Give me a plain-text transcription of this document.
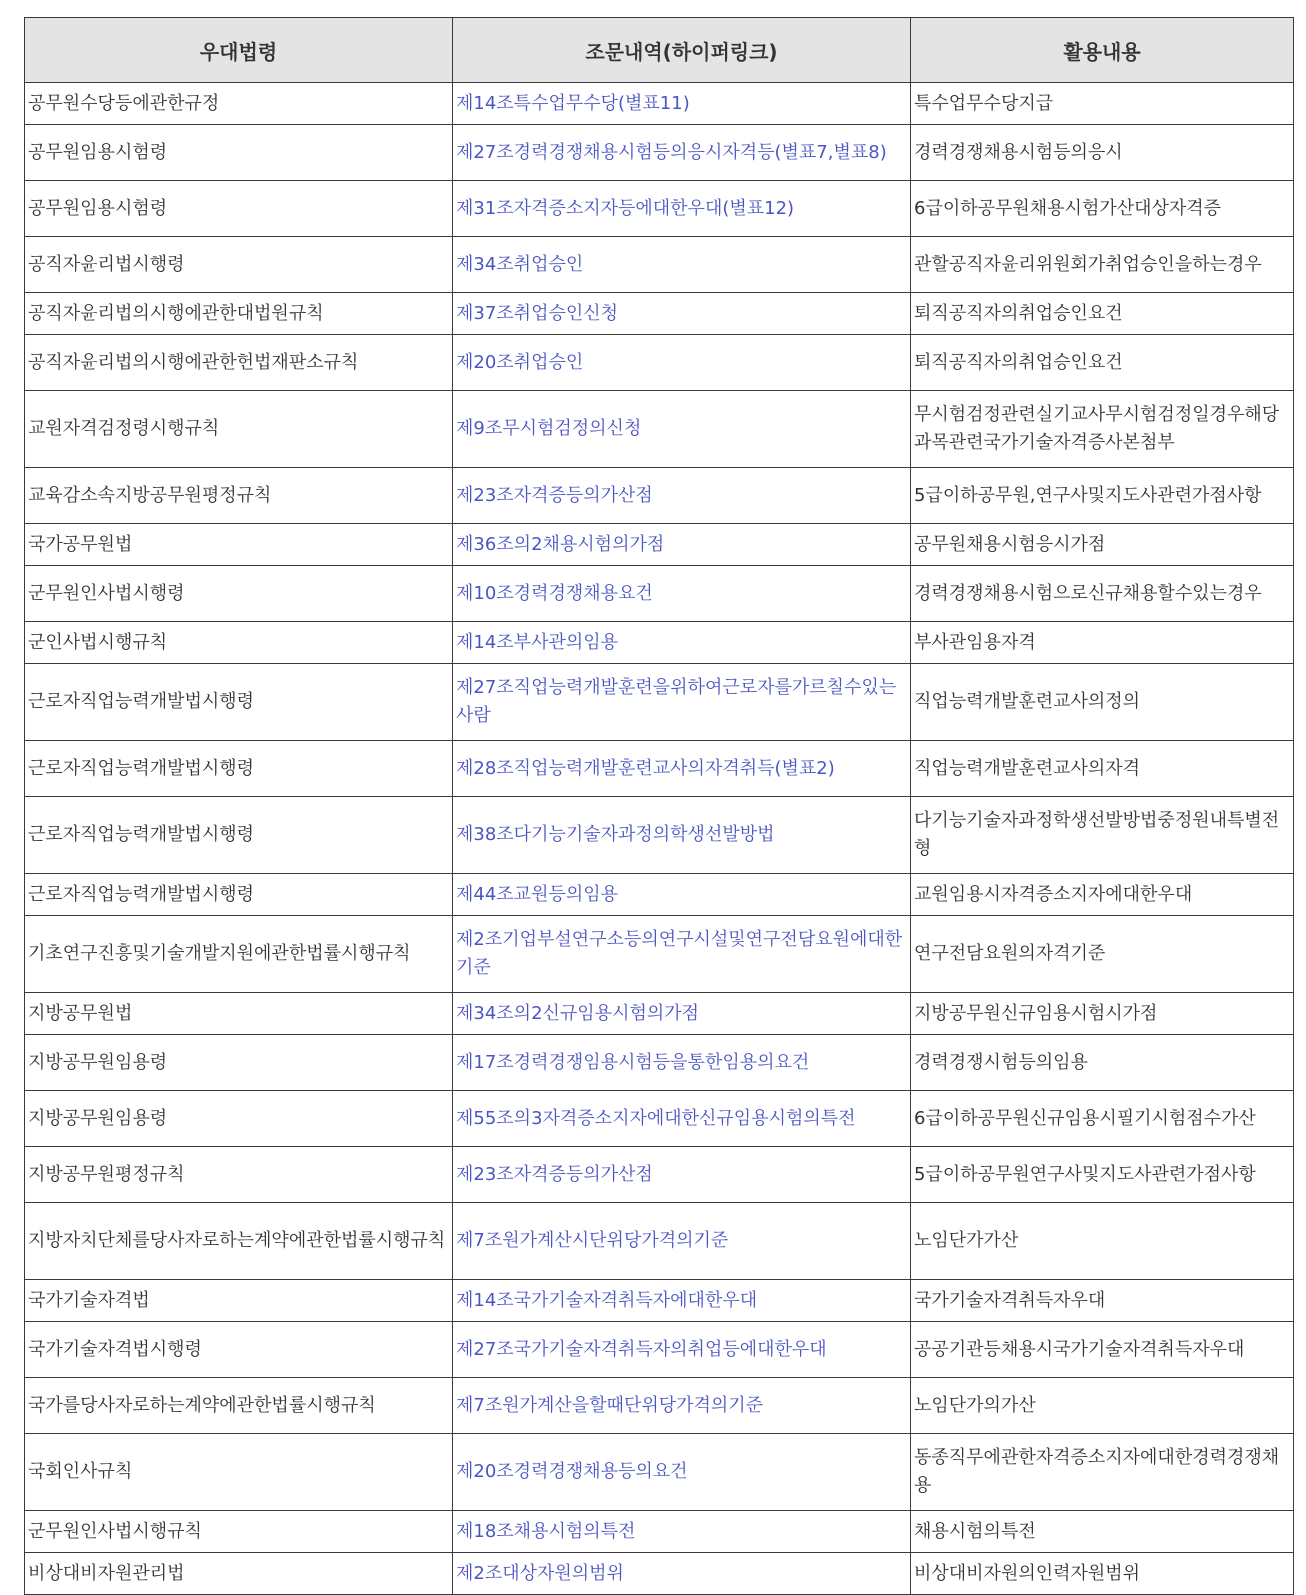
우대법령	조문내역(하이퍼링크)	활용내용
공무원수당등에관한규정	제14조특수업무수당(별표11)	특수업무수당지급
공무원임용시험령	제27조경력경쟁채용시험등의응시자격등(별표7,별표8)	경력경쟁채용시험등의응시
공무원임용시험령	제31조자격증소지자등에대한우대(별표12)	6급이하공무원채용시험가산대상자격증
공직자윤리법시행령	제34조취업승인	관할공직자윤리위원회가취업승인을하는경우
공직자윤리법의시행에관한대법원규칙	제37조취업승인신청	퇴직공직자의취업승인요건
공직자윤리법의시행에관한헌법재판소규칙	제20조취업승인	퇴직공직자의취업승인요건
교원자격검정령시행규칙	제9조무시험검정의신청	무시험검정관련실기교사무시험검정일경우해당과목관련국가기술자격증사본첨부
교육감소속지방공무원평정규칙	제23조자격증등의가산점	5급이하공무원,연구사및지도사관련가점사항
국가공무원법	제36조의2채용시험의가점	공무원채용시험응시가점
군무원인사법시행령	제10조경력경쟁채용요건	경력경쟁채용시험으로신규채용할수있는경우
군인사법시행규칙	제14조부사관의임용	부사관임용자격
근로자직업능력개발법시행령	제27조직업능력개발훈련을위하여근로자를가르칠수있는사람	직업능력개발훈련교사의정의
근로자직업능력개발법시행령	제28조직업능력개발훈련교사의자격취득(별표2)	직업능력개발훈련교사의자격
근로자직업능력개발법시행령	제38조다기능기술자과정의학생선발방법	다기능기술자과정학생선발방법중정원내특별전형
근로자직업능력개발법시행령	제44조교원등의임용	교원임용시자격증소지자에대한우대
기초연구진흥및기술개발지원에관한법률시행규칙	제2조기업부설연구소등의연구시설및연구전담요원에대한기준	연구전담요원의자격기준
지방공무원법	제34조의2신규임용시험의가점	지방공무원신규임용시험시가점
지방공무원임용령	제17조경력경쟁임용시험등을통한임용의요건	경력경쟁시험등의임용
지방공무원임용령	제55조의3자격증소지자에대한신규임용시험의특전	6급이하공무원신규임용시필기시험점수가산
지방공무원평정규칙	제23조자격증등의가산점	5급이하공무원연구사및지도사관련가점사항
지방자치단체를당사자로하는계약에관한법률시행규칙	제7조원가계산시단위당가격의기준	노임단가가산
국가기술자격법	제14조국가기술자격취득자에대한우대	국가기술자격취득자우대
국가기술자격법시행령	제27조국가기술자격취득자의취업등에대한우대	공공기관등채용시국가기술자격취득자우대
국가를당사자로하는계약에관한법률시행규칙	제7조원가계산을할때단위당가격의기준	노임단가의가산
국회인사규칙	제20조경력경쟁채용등의요건	동종직무에관한자격증소지자에대한경력경쟁채용
군무원인사법시행규칙	제18조채용시험의특전	채용시험의특전
비상대비자원관리법	제2조대상자원의범위	비상대비자원의인력자원범위
